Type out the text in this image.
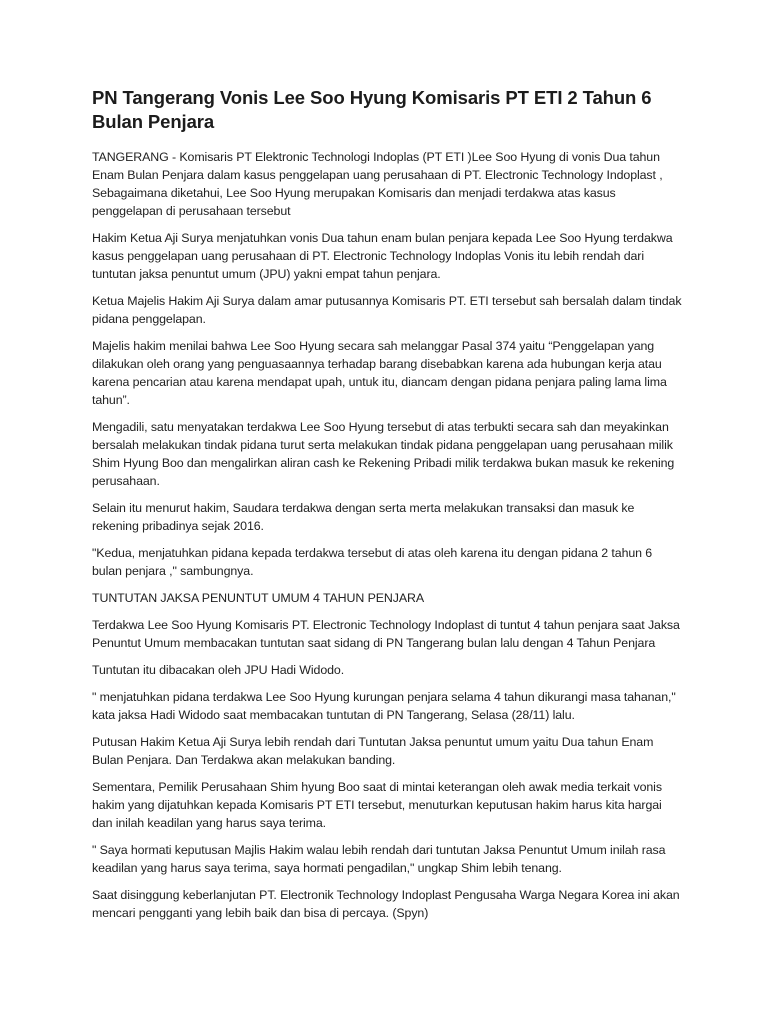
PN Tangerang Vonis Lee Soo Hyung Komisaris PT ETI 2 Tahun 6 Bulan Penjara

TANGERANG - Komisaris PT Elektronic Technologi Indoplas (PT ETI )Lee Soo Hyung di vonis Dua tahun Enam Bulan Penjara dalam kasus penggelapan uang perusahaan di PT. Electronic Technology Indoplast , Sebagaimana diketahui, Lee Soo Hyung merupakan Komisaris dan menjadi terdakwa atas kasus penggelapan di perusahaan tersebut

Hakim Ketua Aji Surya menjatuhkan vonis Dua tahun enam bulan penjara kepada Lee Soo Hyung terdakwa kasus penggelapan uang perusahaan di PT. Electronic Technology Indoplas Vonis itu lebih rendah dari tuntutan jaksa penuntut umum (JPU) yakni empat tahun penjara.

Ketua Majelis Hakim Aji Surya dalam amar putusannya Komisaris PT. ETI tersebut sah bersalah dalam tindak pidana penggelapan.

Majelis hakim menilai bahwa Lee Soo Hyung secara sah melanggar Pasal 374 yaitu “Penggelapan yang dilakukan oleh orang yang penguasaannya terhadap barang disebabkan karena ada hubungan kerja atau karena pencarian atau karena mendapat upah, untuk itu, diancam dengan pidana penjara paling lama lima tahun”.

Mengadili, satu menyatakan terdakwa Lee Soo Hyung tersebut di atas terbukti secara sah dan meyakinkan bersalah melakukan tindak pidana turut serta melakukan tindak pidana penggelapan uang perusahaan milik Shim Hyung Boo dan mengalirkan aliran cash ke Rekening Pribadi milik terdakwa bukan masuk ke rekening perusahaan.

Selain itu menurut hakim, Saudara terdakwa dengan serta merta melakukan transaksi dan masuk ke rekening pribadinya sejak 2016.

"Kedua, menjatuhkan pidana kepada terdakwa tersebut di atas oleh karena itu dengan pidana 2 tahun 6 bulan penjara ," sambungnya.

TUNTUTAN JAKSA PENUNTUT UMUM 4 TAHUN PENJARA

Terdakwa Lee Soo Hyung Komisaris PT. Electronic Technology Indoplast di tuntut 4 tahun penjara saat Jaksa Penuntut Umum membacakan tuntutan saat sidang di PN Tangerang bulan lalu dengan 4 Tahun Penjara

Tuntutan itu dibacakan oleh JPU Hadi Widodo.

" menjatuhkan pidana terdakwa Lee Soo Hyung kurungan penjara selama 4 tahun dikurangi masa tahanan," kata jaksa Hadi Widodo saat membacakan tuntutan di PN Tangerang, Selasa (28/11) lalu.

Putusan Hakim Ketua Aji Surya lebih rendah dari Tuntutan Jaksa penuntut umum yaitu Dua tahun Enam Bulan Penjara. Dan Terdakwa akan melakukan banding.

Sementara, Pemilik Perusahaan Shim hyung Boo saat di mintai keterangan oleh awak media terkait vonis hakim yang dijatuhkan kepada Komisaris PT ETI tersebut, menuturkan keputusan hakim harus kita hargai dan inilah keadilan yang harus saya terima.

" Saya hormati keputusan Majlis Hakim walau lebih rendah dari tuntutan Jaksa Penuntut Umum inilah rasa keadilan yang harus saya terima, saya hormati pengadilan," ungkap Shim lebih tenang.

Saat disinggung keberlanjutan PT. Electronik Technology Indoplast Pengusaha Warga Negara Korea ini akan mencari pengganti yang lebih baik dan bisa di percaya. (Spyn)
